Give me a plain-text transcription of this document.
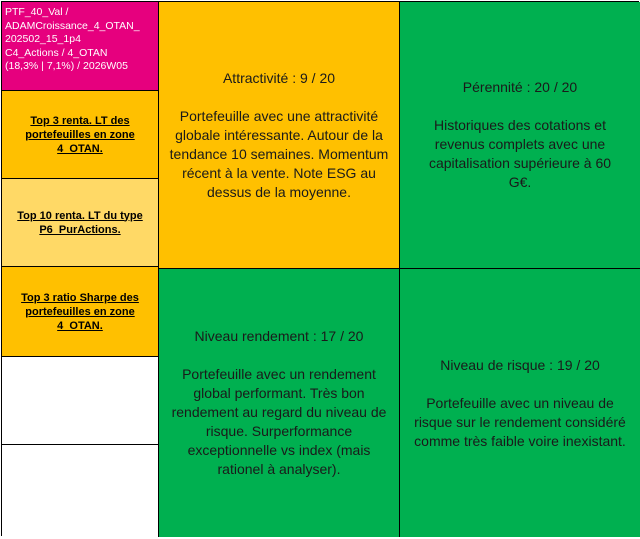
PTF_40_Val /
ADAMCroissance_4_OTAN_
202502_15_1p4
C4_Actions / 4_OTAN
(18,3% | 7,1%) / 2026W05
Top 3 renta. LT des portefeuilles en zone 4_OTAN.
Top 10 renta. LT du type P6_PurActions.
Top 3 ratio Sharpe des portefeuilles en zone 4_OTAN.
Attractivité : 9 / 20
Portefeuille avec une attractivité globale intéressante. Autour de la tendance 10 semaines. Momentum récent à la vente. Note ESG au dessus de la moyenne.
Pérennité : 20 / 20
Historiques des cotations et revenus complets avec une capitalisation supérieure à 60 G€.
Niveau rendement : 17 / 20
Portefeuille avec un rendement global performant. Très bon rendement au regard du niveau de risque. Surperformance exceptionnelle vs index (mais rationel à analyser).
Niveau de risque : 19 / 20
Portefeuille avec un niveau de risque sur le rendement considéré comme très faible voire inexistant.
